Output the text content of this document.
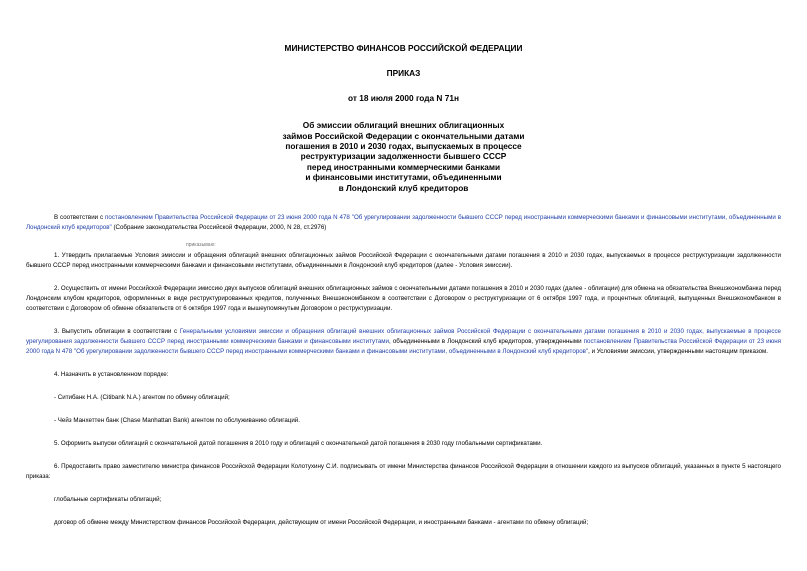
МИНИСТЕРСТВО ФИНАНСОВ РОССИЙСКОЙ ФЕДЕРАЦИИ
ПРИКАЗ
от 18 июля 2000 года N 71н
Об эмиссии облигаций внешних облигационных
займов Российской Федерации с окончательными датами
погашения в 2010 и 2030 годах, выпускаемых в процессе
реструктуризации задолженности бывшего СССР
перед иностранными коммерческими банками
и финансовыми институтами, объединенными
в Лондонский клуб кредиторов

В соответствии с постановлением Правительства Российской Федерации от 23 июня 2000 года N 478 "Об урегулировании задолженности бывшего СССР перед иностранными коммерческими банками и финансовыми институтами, объединенными в Лондонский клуб кредиторов" (Собрание законодательства Российской Федерации, 2000, N 28, ст.2976)

приказываю:

1. Утвердить прилагаемые Условия эмиссии и обращения облигаций внешних облигационных займов Российской Федерации с окончательными датами погашения в 2010 и 2030 годах, выпускаемых в процессе реструктуризации задолженности бывшего СССР перед иностранными коммерческими банками и финансовыми институтами, объединенными в Лондонский клуб кредиторов (далее - Условия эмиссии).

2. Осуществить от имени Российской Федерации эмиссию двух выпусков облигаций внешних облигационных займов с окончательными датами погашения в 2010 и 2030 годах (далее - облигации) для обмена на обязательства Внешэкономбанка перед Лондонским клубом кредиторов, оформленных в виде реструктурированных кредитов, полученных Внешэкономбанком в соответствии с Договором о реструктуризации от 6 октября 1997 года, и процентных облигаций, выпущенных Внешэкономбанком в соответствии с Договором об обмене обязательств от 6 октября 1997 года и вышеупомянутым Договором о реструктуризации.

3. Выпустить облигации в соответствии с Генеральными условиями эмиссии и обращения облигаций внешних облигационных займов Российской Федерации с окончательными датами погашения в 2010 и 2030 годах, выпускаемые в процессе урегулирования задолженности бывшего СССР перед иностранными коммерческими банками и финансовыми институтами, объединенными в Лондонский клуб кредиторов, утвержденными постановлением Правительства Российской Федерации от 23 июня 2000 года N 478 "Об урегулировании задолженности бывшего СССР перед иностранными коммерческими банками и финансовыми институтами, объединенными в Лондонский клуб кредиторов", и Условиями эмиссии, утвержденными настоящим приказом.

4. Назначить в установленном порядке:

- Ситибанк Н.А. (Citibank N.A.) агентом по обмену облигаций;

- Чейз Манхеттен банк (Chase Manhattan Bank) агентом по обслуживанию облигаций.

5. Оформить выпуски облигаций с окончательной датой погашения в 2010 году и облигаций с окончательной датой погашения в 2030 году глобальными сертификатами.

6. Предоставить право заместителю министра финансов Российской Федерации Колотухину С.И. подписывать от имени Министерства финансов Российской Федерации в отношении каждого из выпусков облигаций, указанных в пункте 5 настоящего приказа:

глобальные сертификаты облигаций;

договор об обмене между Министерством финансов Российской Федерации, действующим от имени Российской Федерации, и иностранными банками - агентами по обмену облигаций;
